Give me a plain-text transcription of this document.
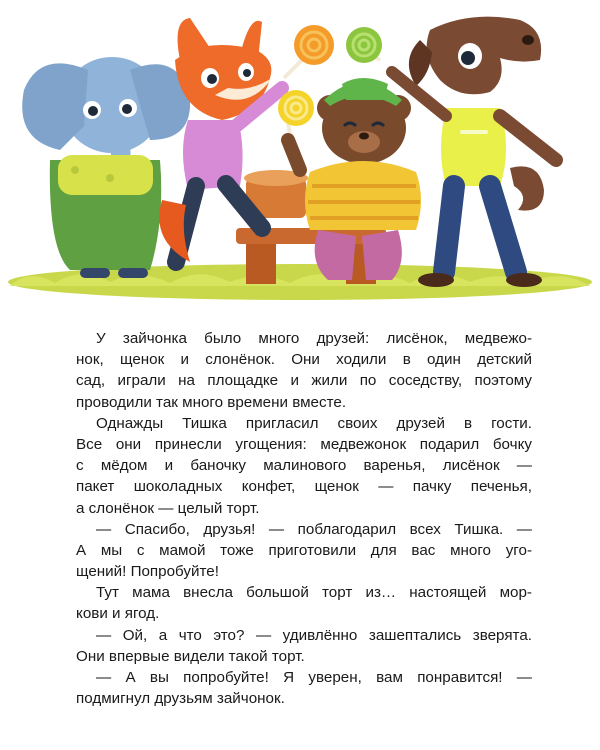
У зайчонка было много друзей: лисёнок, медвежо-
нок, щенок и слонёнок. Они ходили в один детский
сад, играли на площадке и жили по соседству, поэтому
проводили так много времени вместе.
Однажды Тишка пригласил своих друзей в гости.
Все они принесли угощения: медвежонок подарил бочку
с мёдом и баночку малинового варенья, лисёнок —
пакет шоколадных конфет, щенок — пачку печенья,
а слонёнок — целый торт.
— Спасибо, друзья! — поблагодарил всех Тишка. —
А мы с мамой тоже приготовили для вас много уго-
щений! Попробуйте!
Тут мама внесла большой торт из… настоящей мор-
кови и ягод.
— Ой, а что это? — удивлённо зашептались зверята.
Они впервые видели такой торт.
— А вы попробуйте! Я уверен, вам понравится! —
подмигнул друзьям зайчонок.
